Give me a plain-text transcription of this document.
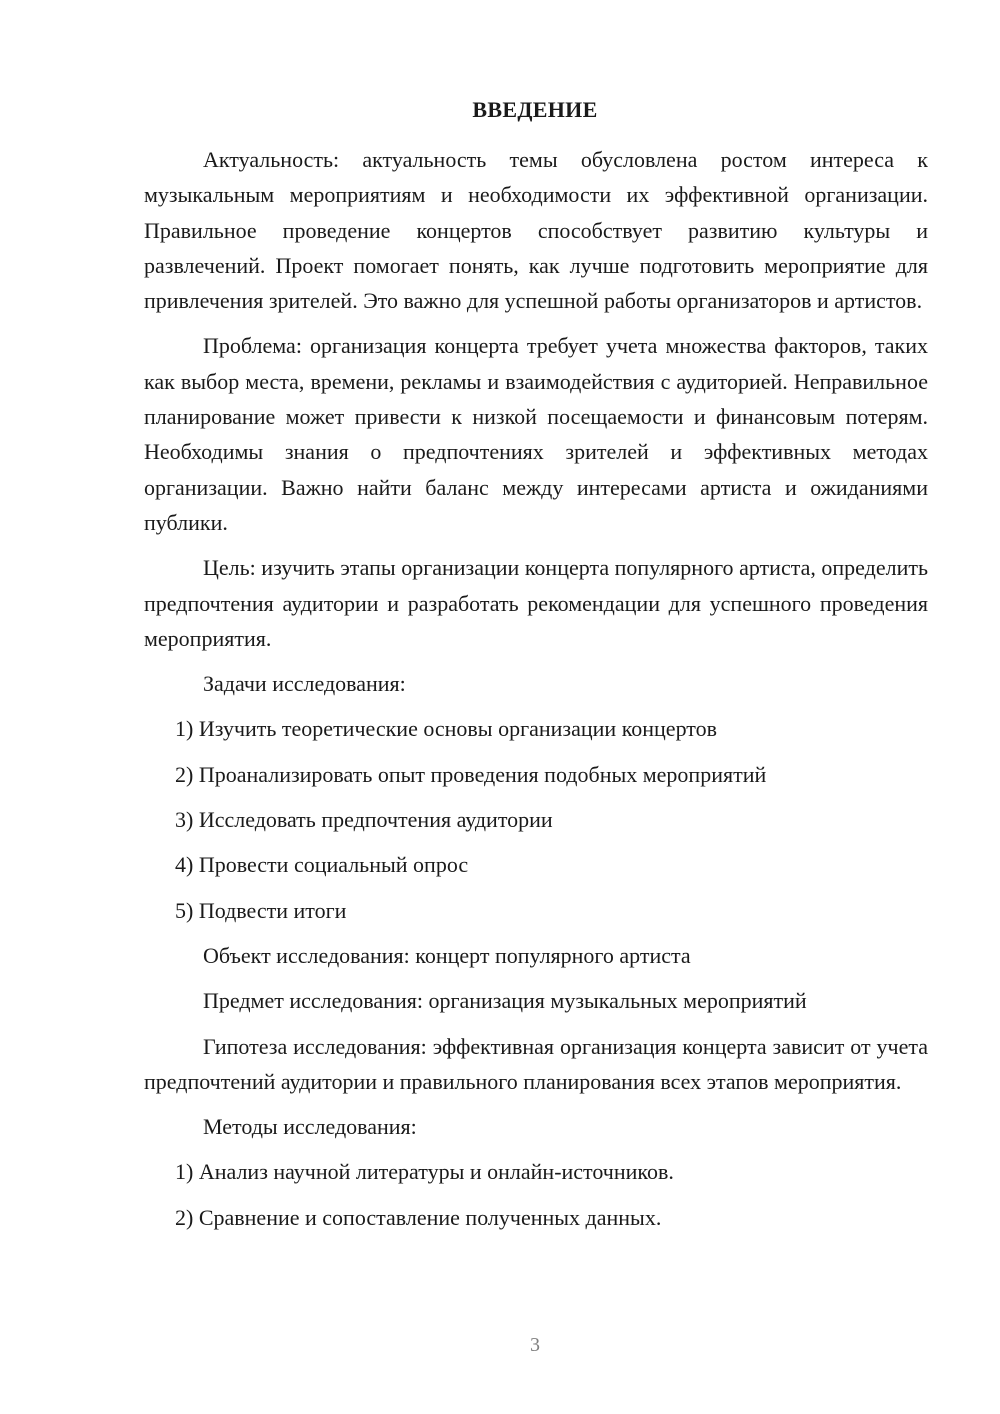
ВВЕДЕНИЕ

Актуальность: актуальность темы обусловлена ростом интереса к музыкальным мероприятиям и необходимости их эффективной организации. Правильное проведение концертов способствует развитию культуры и развлечений. Проект помогает понять, как лучше подготовить мероприятие для привлечения зрителей. Это важно для успешной работы организаторов и артистов.

Проблема: организация концерта требует учета множества факторов, таких как выбор места, времени, рекламы и взаимодействия с аудиторией. Неправильное планирование может привести к низкой посещаемости и финансовым потерям. Необходимы знания о предпочтениях зрителей и эффективных методах организации. Важно найти баланс между интересами артиста и ожиданиями публики.

Цель: изучить этапы организации концерта популярного артиста, определить предпочтения аудитории и разработать рекомендации для успешного проведения мероприятия.

Задачи исследования:

1) Изучить теоретические основы организации концертов

2) Проанализировать опыт проведения подобных мероприятий

3) Исследовать предпочтения аудитории

4) Провести социальный опрос

5) Подвести итоги

Объект исследования: концерт популярного артиста

Предмет исследования: организация музыкальных мероприятий

Гипотеза исследования: эффективная организация концерта зависит от учета предпочтений аудитории и правильного планирования всех этапов мероприятия.

Методы исследования:

1) Анализ научной литературы и онлайн-источников.

2) Сравнение и сопоставление полученных данных.

3
